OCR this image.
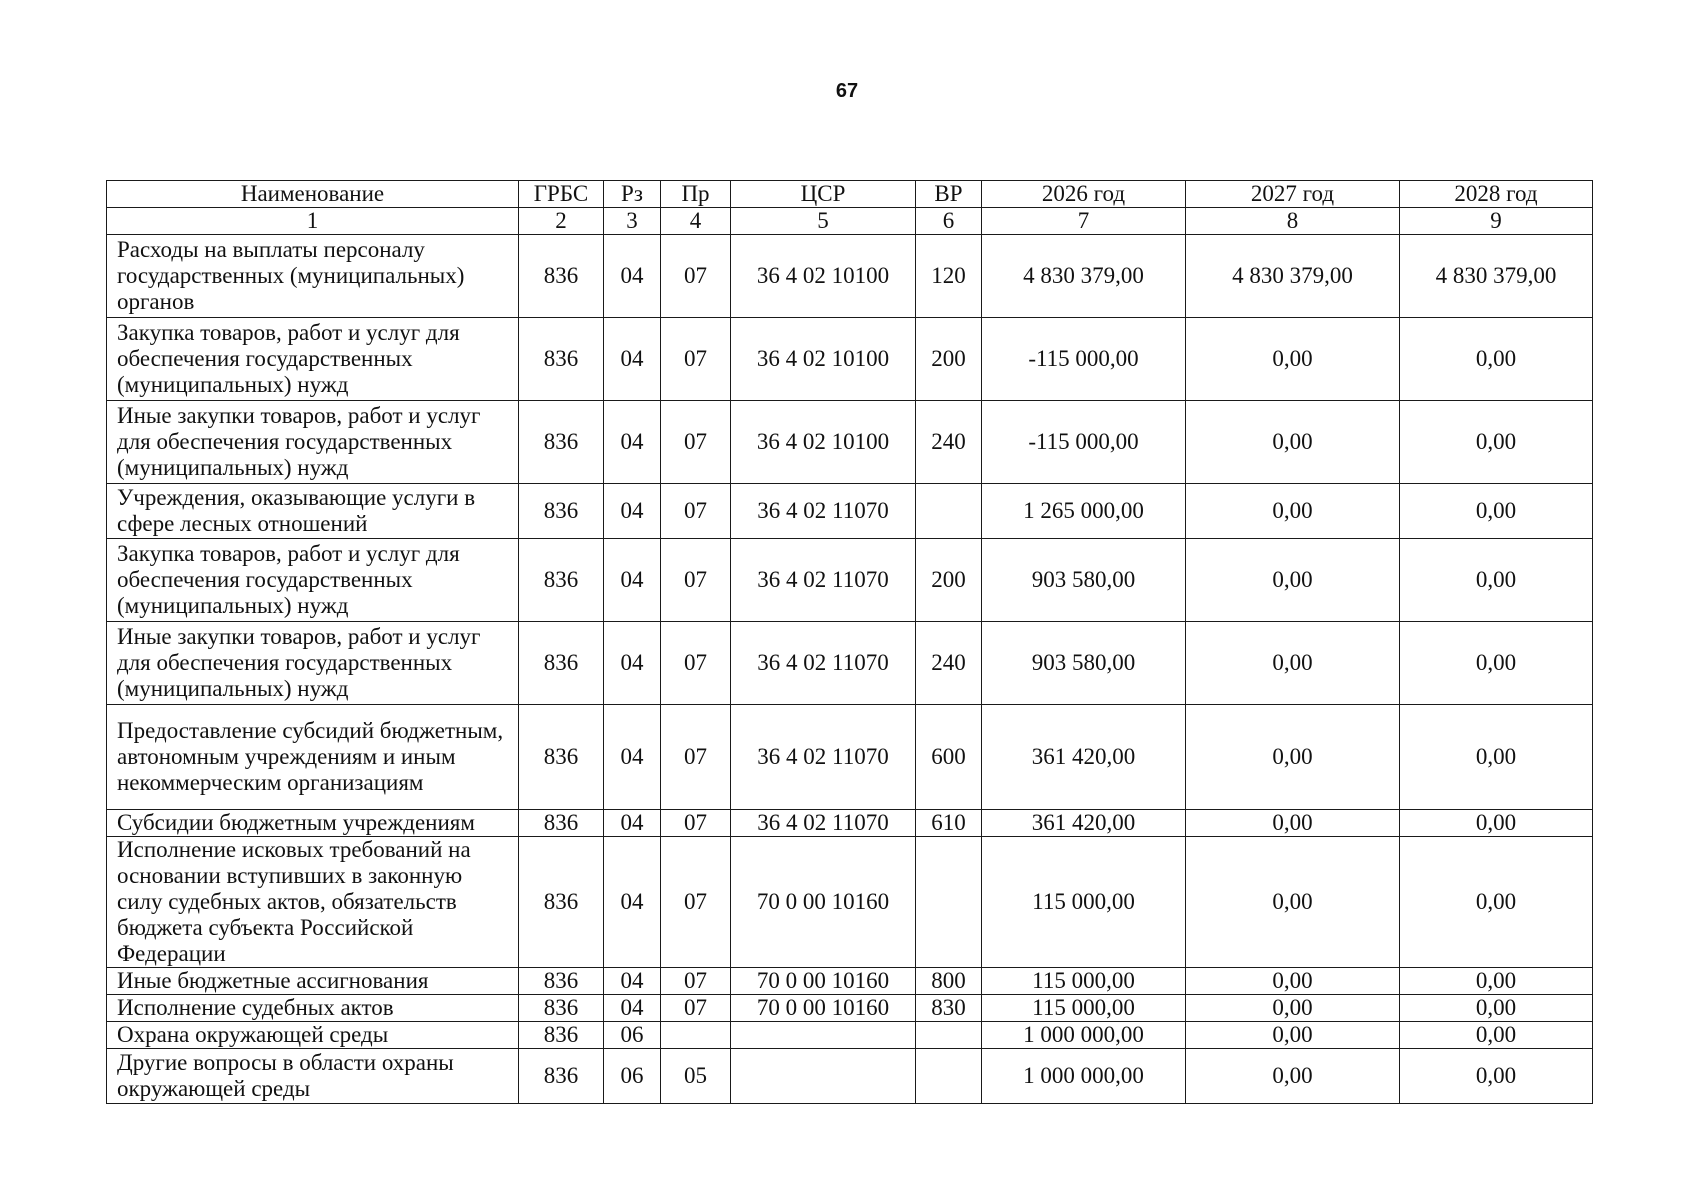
67
Наименование	ГРБС	Рз	Пр	ЦСР	ВР	2026 год	2027 год	2028 год
1	2	3	4	5	6	7	8	9
Расходы на выплаты персоналу государственных (муниципальных) органов	836	04	07	36 4 02 10100	120	4 830 379,00	4 830 379,00	4 830 379,00
Закупка товаров, работ и услуг для обеспечения государственных (муниципальных) нужд	836	04	07	36 4 02 10100	200	-115 000,00	0,00	0,00
Иные закупки товаров, работ и услуг для обеспечения государственных (муниципальных) нужд	836	04	07	36 4 02 10100	240	-115 000,00	0,00	0,00
Учреждения, оказывающие услуги в сфере лесных отношений	836	04	07	36 4 02 11070		1 265 000,00	0,00	0,00
Закупка товаров, работ и услуг для обеспечения государственных (муниципальных) нужд	836	04	07	36 4 02 11070	200	903 580,00	0,00	0,00
Иные закупки товаров, работ и услуг для обеспечения государственных (муниципальных) нужд	836	04	07	36 4 02 11070	240	903 580,00	0,00	0,00
Предоставление субсидий бюджетным, автономным учреждениям и иным некоммерческим организациям	836	04	07	36 4 02 11070	600	361 420,00	0,00	0,00
Субсидии бюджетным учреждениям	836	04	07	36 4 02 11070	610	361 420,00	0,00	0,00
Исполнение исковых требований на основании вступивших в законную силу судебных актов, обязательств бюджета субъекта Российской Федерации	836	04	07	70 0 00 10160		115 000,00	0,00	0,00
Иные бюджетные ассигнования	836	04	07	70 0 00 10160	800	115 000,00	0,00	0,00
Исполнение судебных актов	836	04	07	70 0 00 10160	830	115 000,00	0,00	0,00
Охрана окружающей среды	836	06				1 000 000,00	0,00	0,00
Другие вопросы в области охраны окружающей среды	836	06	05			1 000 000,00	0,00	0,00
